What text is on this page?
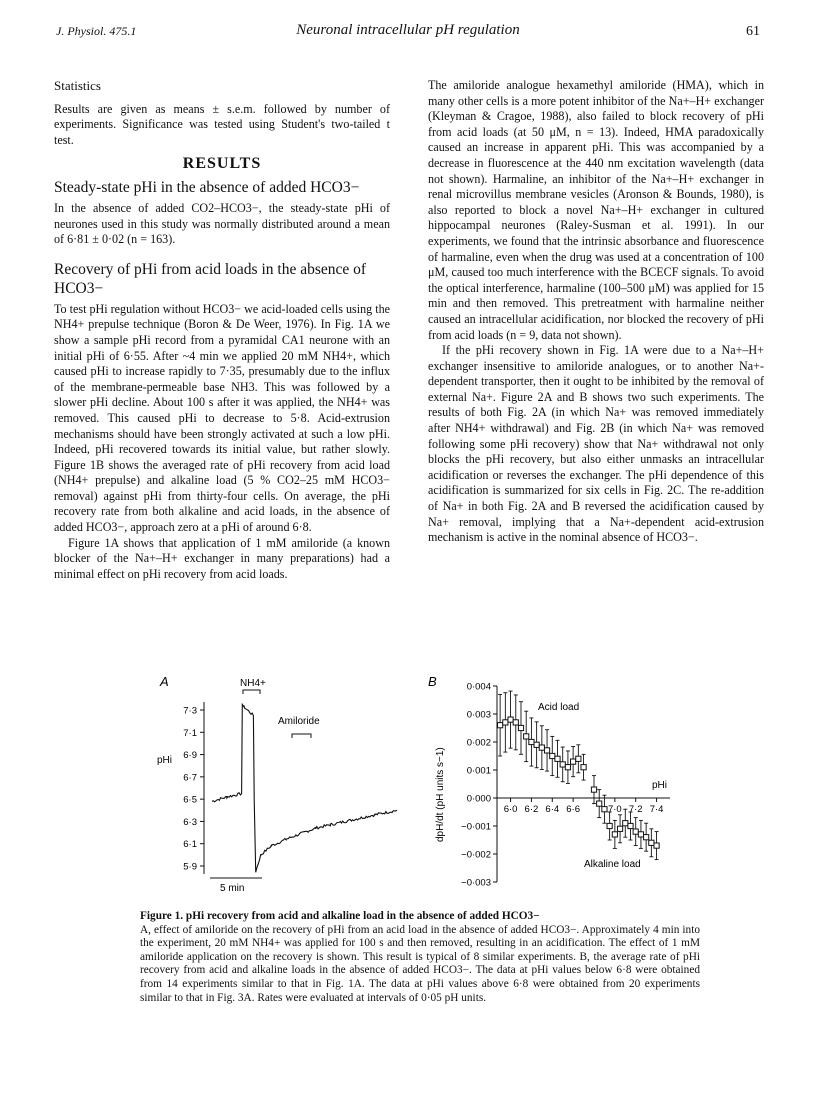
J. Physiol. 475.1	Neuronal intracellular pH regulation	61
Statistics

Results are given as means ± s.e.m. followed by number of experiments. Significance was tested using Student's two-tailed t test.

RESULTS
Steady-state pHi in the absence of added HCO3−

In the absence of added CO2–HCO3−, the steady-state pHi of neurones used in this study was normally distributed around a mean of 6·81 ± 0·02 (n = 163).

Recovery of pHi from acid loads in the absence of HCO3−

To test pHi regulation without HCO3− we acid-loaded cells using the NH4+ prepulse technique (Boron & De Weer, 1976). In Fig. 1A we show a sample pHi record from a pyramidal CA1 neurone with an initial pHi of 6·55. After ~4 min we applied 20 mM NH4+, which caused pHi to increase rapidly to 7·35, presumably due to the influx of the membrane-permeable base NH3. This was followed by a slower pHi decline. About 100 s after it was applied, the NH4+ was removed. This caused pHi to decrease to 5·8. Acid-extrusion mechanisms should have been strongly activated at such a low pHi. Indeed, pHi recovered towards its initial value, but rather slowly. Figure 1B shows the averaged rate of pHi recovery from acid load (NH4+ prepulse) and alkaline load (5 % CO2–25 mM HCO3− removal) against pHi from thirty-four cells. On average, the pHi recovery rate from both alkaline and acid loads, in the absence of added HCO3−, approach zero at a pHi of around 6·8.

Figure 1A shows that application of 1 mM amiloride (a known blocker of the Na+–H+ exchanger in many preparations) had a minimal effect on pHi recovery from acid loads.

The amiloride analogue hexamethyl amiloride (HMA), which in many other cells is a more potent inhibitor of the Na+–H+ exchanger (Kleyman & Cragoe, 1988), also failed to block recovery of pHi from acid loads (at 50 μM, n = 13). Indeed, HMA paradoxically caused an increase in apparent pHi. This was accompanied by a decrease in fluorescence at the 440 nm excitation wavelength (data not shown). Harmaline, an inhibitor of the Na+–H+ exchanger in renal microvillus membrane vesicles (Aronson & Bounds, 1980), is also reported to block a novel Na+–H+ exchanger in cultured hippocampal neurones (Raley-Susman et al. 1991). In our experiments, we found that the intrinsic absorbance and fluorescence of harmaline, even when the drug was used at a concentration of 100 μM, caused too much interference with the BCECF signals. To avoid the optical interference, harmaline (100–500 μM) was applied for 15 min and then removed. This pretreatment with harmaline neither caused an intracellular acidification, nor blocked the recovery of pHi from acid loads (n = 9, data not shown).

If the pHi recovery shown in Fig. 1A were due to a Na+–H+ exchanger insensitive to amiloride analogues, or to another Na+-dependent transporter, then it ought to be inhibited by the removal of external Na+. Figure 2A and B shows two such experiments. The results of both Fig. 2A (in which Na+ was removed immediately after NH4+ withdrawal) and Fig. 2B (in which Na+ was removed following some pHi recovery) show that Na+ withdrawal not only blocks the pHi recovery, but also either unmasks an intracellular acidification or reverses the exchanger. The pHi dependence of this acidification is summarized for six cells in Fig. 2C. The re-addition of Na+ in both Fig. 2A and B reversed the acidification caused by Na+ removal, implying that a Na+-dependent acid-extrusion mechanism is active in the nominal absence of HCO3−.

A	NH4+
Amiloride
pHi
7·3
7·1
6·9
6·7
6·5
6·3
6·1
5·9
5 min
B	0·004
0·003
0·002
0·001
0·000
−0·001
−0·002
−0·003
6·0 6·2 6·4 6·6	7·0 7·2 7·4
pHi
dpH/dt (pH units s−1)
Acid load
Alkaline load

Figure 1. pHi recovery from acid and alkaline load in the absence of added HCO3−

A, effect of amiloride on the recovery of pHi from an acid load in the absence of added HCO3−. Approximately 4 min into the experiment, 20 mM NH4+ was applied for 100 s and then removed, resulting in an acidification. The effect of 1 mM amiloride application on the recovery is shown. This result is typical of 8 similar experiments. B, the average rate of pHi recovery from acid and alkaline loads in the absence of added HCO3−. The data at pHi values below 6·8 were obtained from 14 experiments similar to that in Fig. 1A. The data at pHi values above 6·8 were obtained from 20 experiments similar to that in Fig. 3A. Rates were evaluated at intervals of 0·05 pH units.
